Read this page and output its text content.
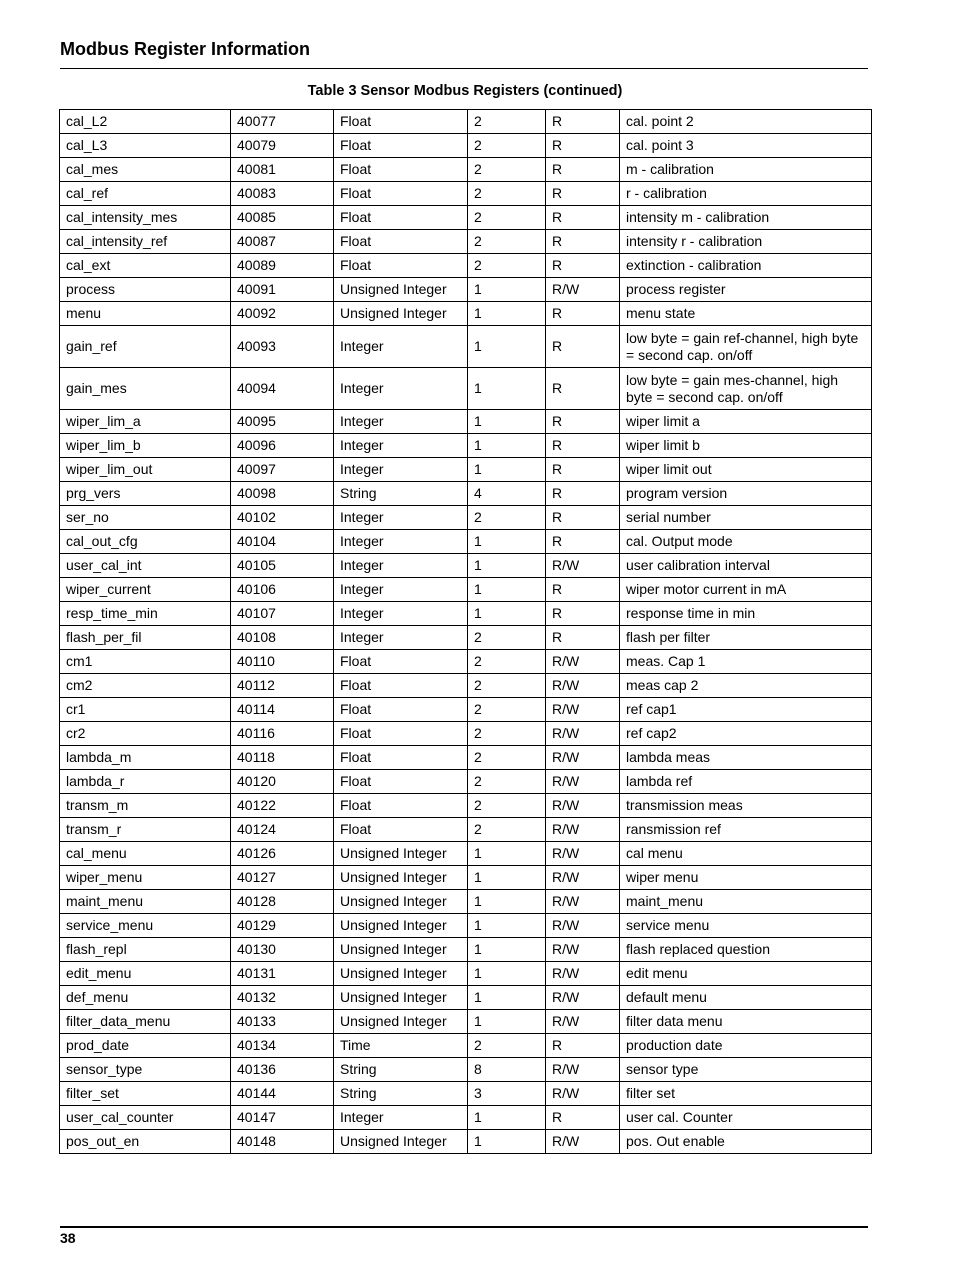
Modbus Register Information
Table 3 Sensor Modbus Registers (continued)
cal_L2	40077	Float	2	R	cal. point 2
cal_L3	40079	Float	2	R	cal. point 3
cal_mes	40081	Float	2	R	m - calibration
cal_ref	40083	Float	2	R	r - calibration
cal_intensity_mes	40085	Float	2	R	intensity m - calibration
cal_intensity_ref	40087	Float	2	R	intensity r - calibration
cal_ext	40089	Float	2	R	extinction - calibration
process	40091	Unsigned Integer	1	R/W	process register
menu	40092	Unsigned Integer	1	R	menu state
gain_ref	40093	Integer	1	R	low byte = gain ref-channel, high byte = second cap. on/off
gain_mes	40094	Integer	1	R	low byte = gain mes-channel, high byte = second cap. on/off
wiper_lim_a	40095	Integer	1	R	wiper limit a
wiper_lim_b	40096	Integer	1	R	wiper limit b
wiper_lim_out	40097	Integer	1	R	wiper limit out
prg_vers	40098	String	4	R	program version
ser_no	40102	Integer	2	R	serial number
cal_out_cfg	40104	Integer	1	R	cal. Output mode
user_cal_int	40105	Integer	1	R/W	user calibration interval
wiper_current	40106	Integer	1	R	wiper motor current in mA
resp_time_min	40107	Integer	1	R	response time in min
flash_per_fil	40108	Integer	2	R	flash per filter
cm1	40110	Float	2	R/W	meas. Cap 1
cm2	40112	Float	2	R/W	meas cap 2
cr1	40114	Float	2	R/W	ref cap1
cr2	40116	Float	2	R/W	ref cap2
lambda_m	40118	Float	2	R/W	lambda meas
lambda_r	40120	Float	2	R/W	lambda ref
transm_m	40122	Float	2	R/W	transmission meas
transm_r	40124	Float	2	R/W	ransmission ref
cal_menu	40126	Unsigned Integer	1	R/W	cal menu
wiper_menu	40127	Unsigned Integer	1	R/W	wiper menu
maint_menu	40128	Unsigned Integer	1	R/W	maint_menu
service_menu	40129	Unsigned Integer	1	R/W	service menu
flash_repl	40130	Unsigned Integer	1	R/W	flash replaced question
edit_menu	40131	Unsigned Integer	1	R/W	edit menu
def_menu	40132	Unsigned Integer	1	R/W	default menu
filter_data_menu	40133	Unsigned Integer	1	R/W	filter data menu
prod_date	40134	Time	2	R	production date
sensor_type	40136	String	8	R/W	sensor type
filter_set	40144	String	3	R/W	filter set
user_cal_counter	40147	Integer	1	R	user cal. Counter
pos_out_en	40148	Unsigned Integer	1	R/W	pos. Out enable
38
